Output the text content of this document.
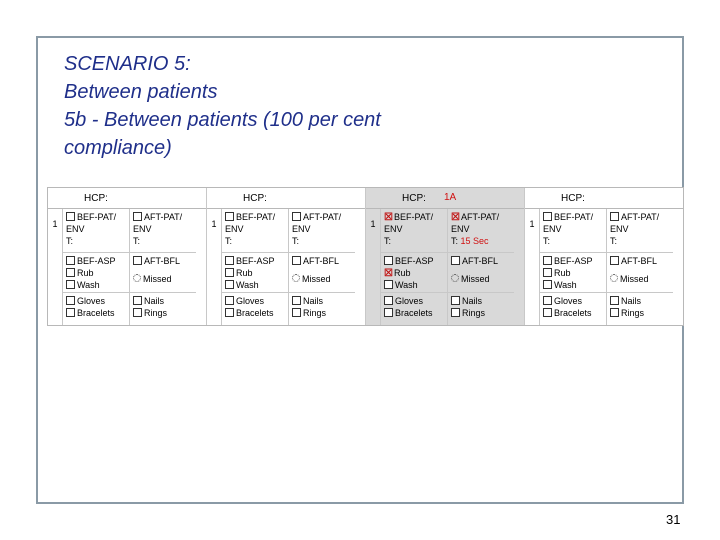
SCENARIO 5:
Between patients
5b - Between patients (100 per cent
compliance)
HCP:
1
BEF-PAT/
ENV
T:
BEF-ASP
Rub
Wash
Gloves
Bracelets
AFT-PAT/
ENV
T:
AFT-BFL
Missed
Nails
Rings
HCP:
1
BEF-PAT/
ENV
T:
BEF-ASP
Rub
Wash
Gloves
Bracelets
AFT-PAT/
ENV
T:
AFT-BFL
Missed
Nails
Rings
HCP: 1A
1
☒BEF-PAT/
ENV
T:
BEF-ASP
☒Rub
Wash
Gloves
Bracelets
☒AFT-PAT/
ENV
T: 15 Sec
AFT-BFL
Missed
Nails
Rings
HCP:
1
BEF-PAT/
ENV
T:
BEF-ASP
Rub
Wash
Gloves
Bracelets
AFT-PAT/
ENV
T:
AFT-BFL
Missed
Nails
Rings
31
